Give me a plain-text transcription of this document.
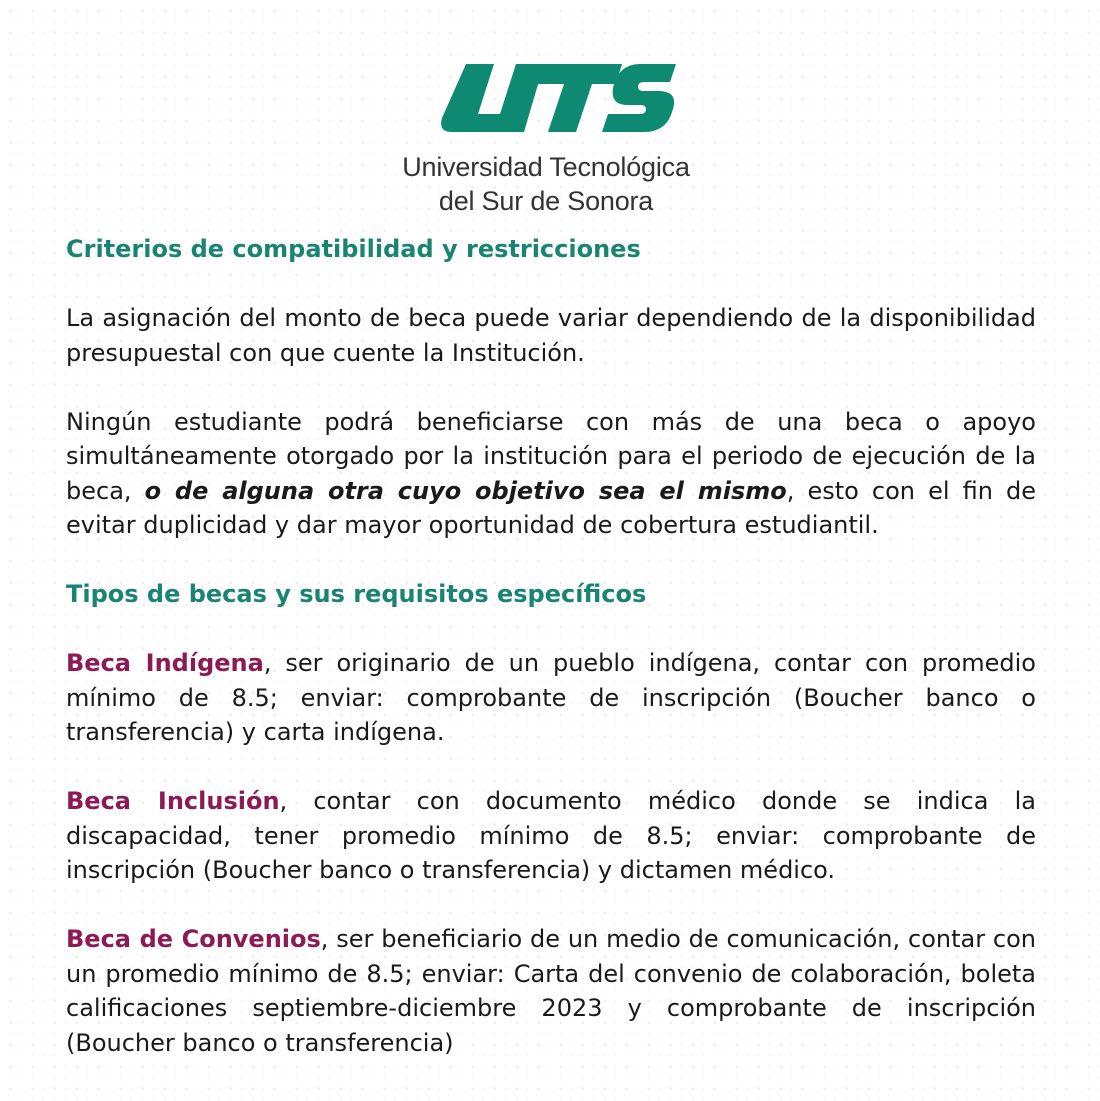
Universidad Tecnológica
del Sur de Sonora

Criterios de compatibilidad y restricciones

La asignación del monto de beca puede variar dependiendo de la disponibilidad presupuestal con que cuente la Institución.

Ningún estudiante podrá beneficiarse con más de una beca o apoyo simultáneamente otorgado por la institución para el periodo de ejecución de la beca, o de alguna otra cuyo objetivo sea el mismo, esto con el fin de evitar duplicidad y dar mayor oportunidad de cobertura estudiantil.

Tipos de becas y sus requisitos específicos

Beca Indígena, ser originario de un pueblo indígena, contar con promedio mínimo de 8.5; enviar: comprobante de inscripción (Boucher banco o transferencia) y carta indígena.

Beca Inclusión, contar con documento médico donde se indica la discapacidad, tener promedio mínimo de 8.5; enviar: comprobante de inscripción (Boucher banco o transferencia) y dictamen médico.

Beca de Convenios, ser beneficiario de un medio de comunicación, contar con un promedio mínimo de 8.5; enviar: Carta del convenio de colaboración, boleta calificaciones septiembre-diciembre 2023 y comprobante de inscripción (Boucher banco o transferencia)
